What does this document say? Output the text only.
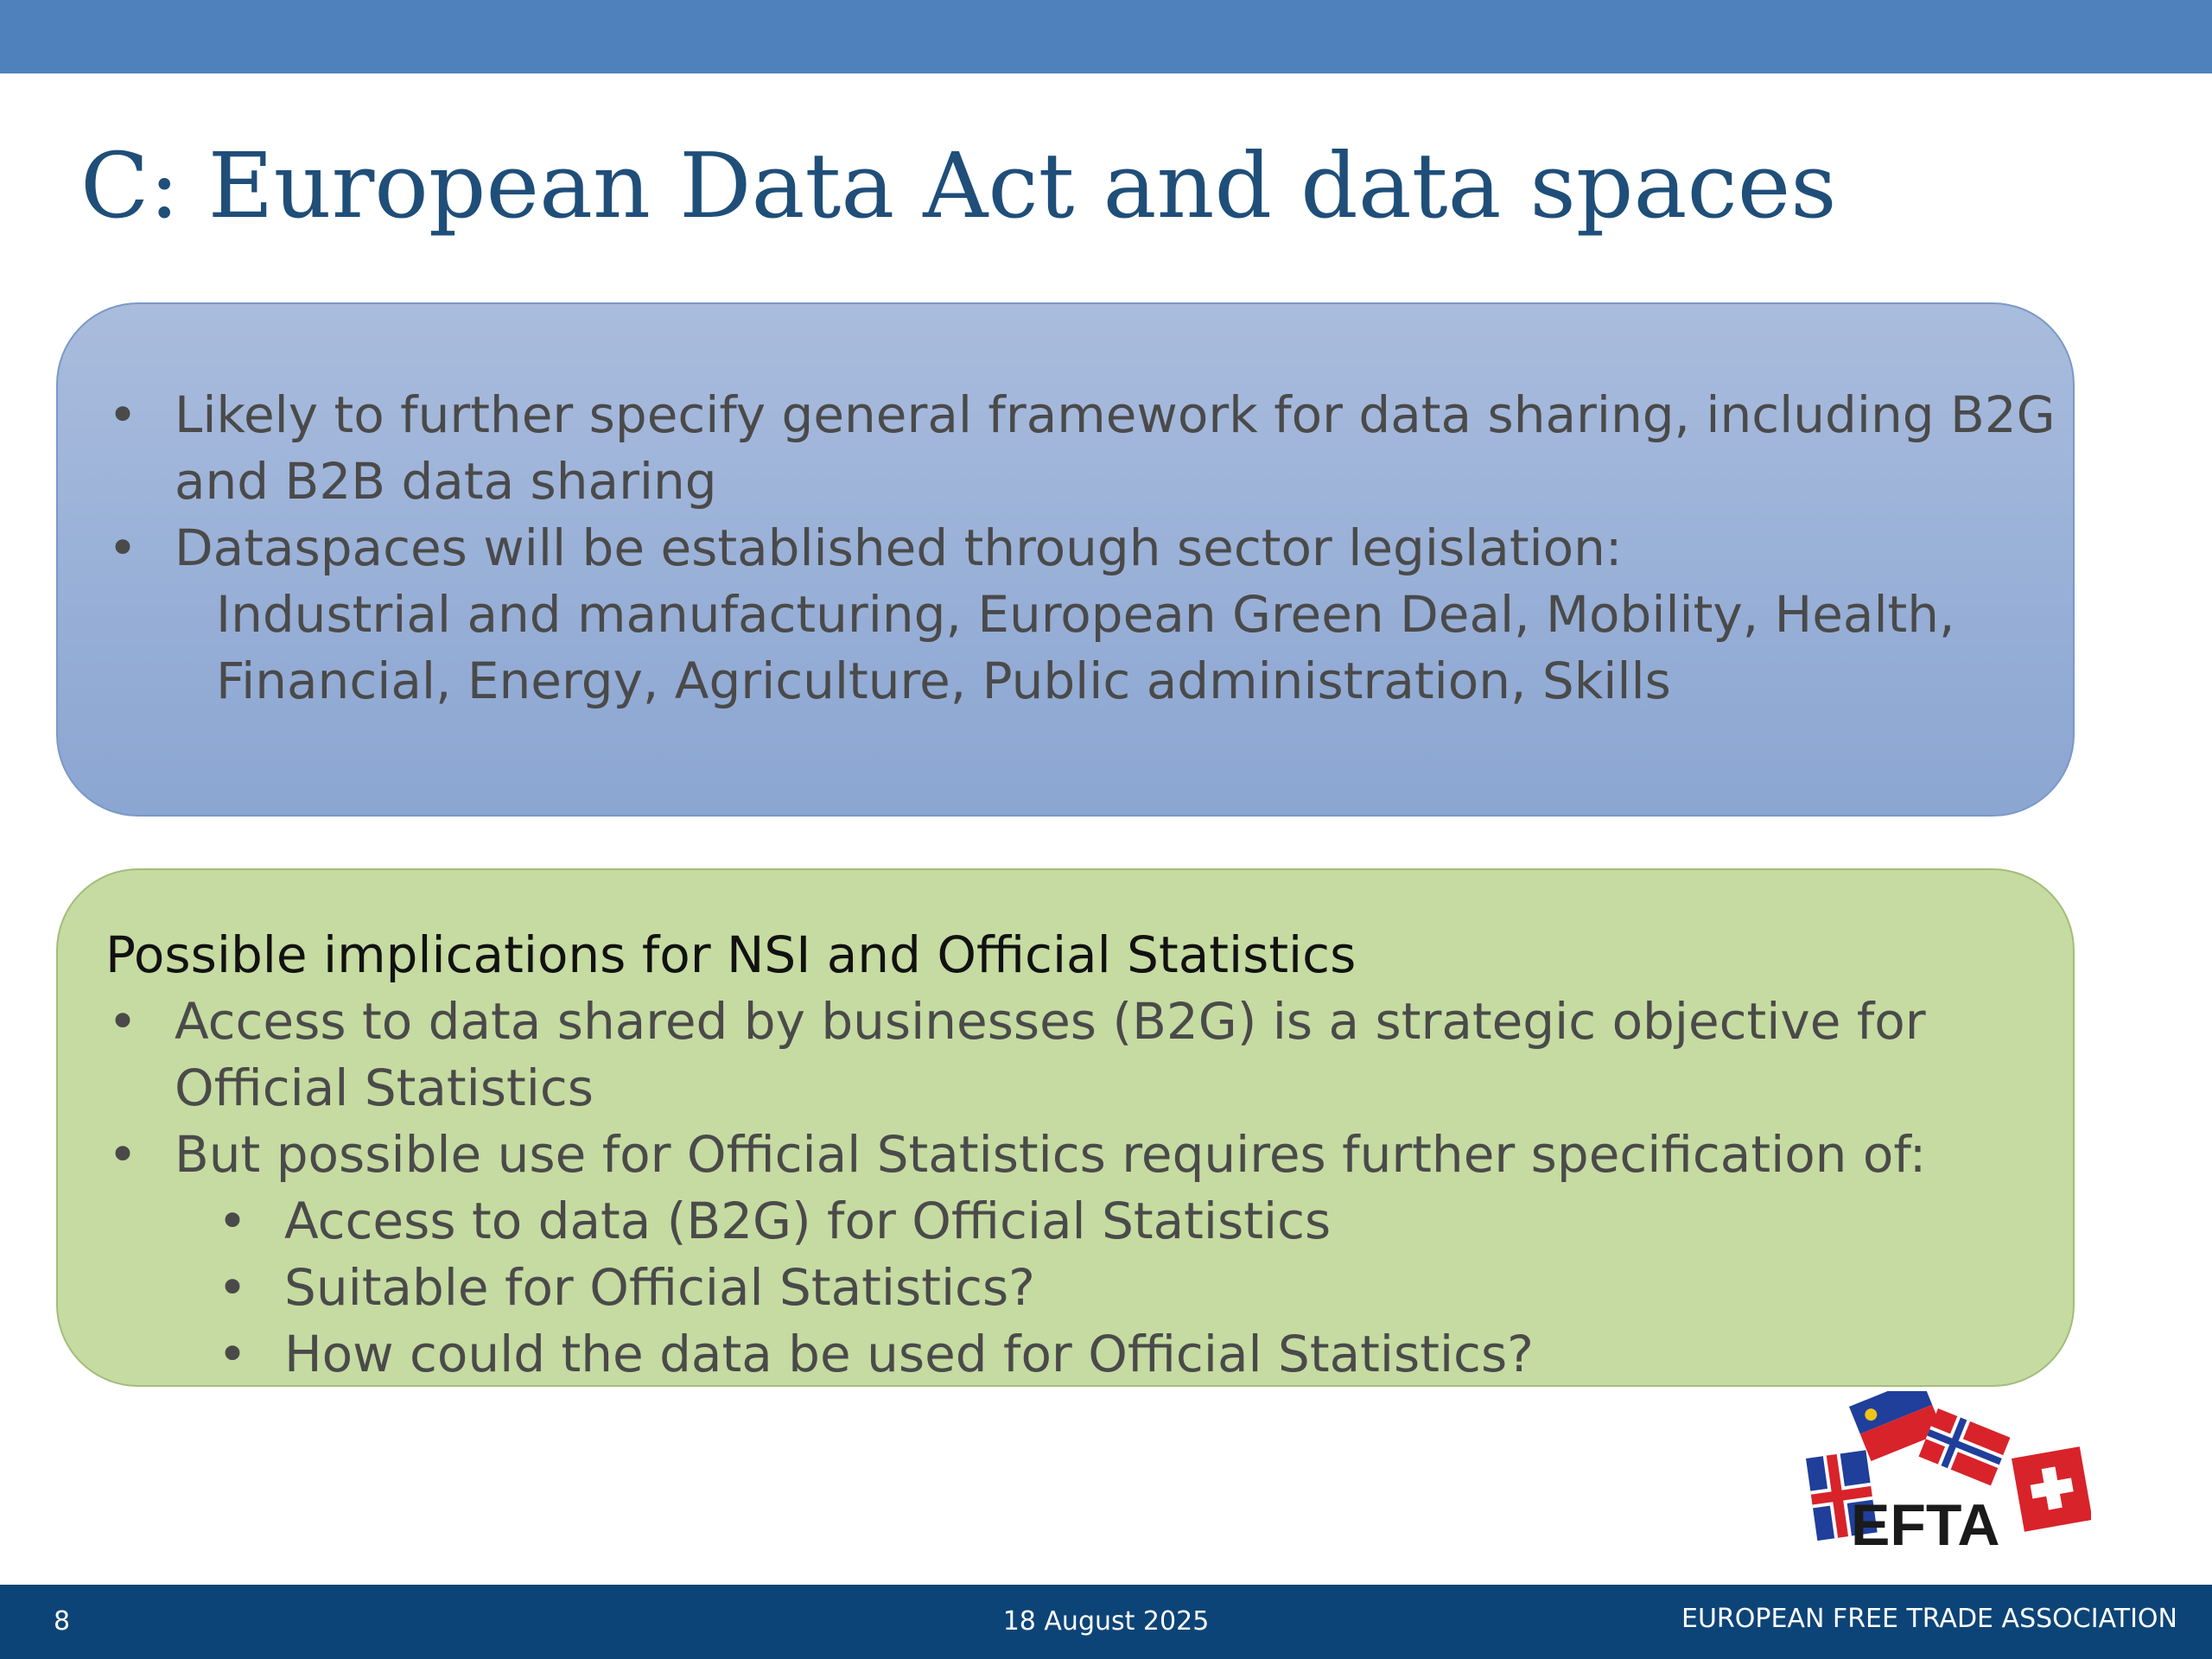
C: European Data Act and data spaces
• Likely to further specify general framework for data sharing, including B2G
and B2B data sharing
• Dataspaces will be established through sector legislation:
Industrial and manufacturing, European Green Deal, Mobility, Health,
Financial, Energy, Agriculture, Public administration, Skills
Possible implications for NSI and Official Statistics
• Access to data shared by businesses (B2G) is a strategic objective for
Official Statistics
• But possible use for Official Statistics requires further specification of:
• Access to data (B2G) for Official Statistics
• Suitable for Official Statistics?
• How could the data be used for Official Statistics?
EFTA
8	18 August 2025	EUROPEAN FREE TRADE ASSOCIATION
